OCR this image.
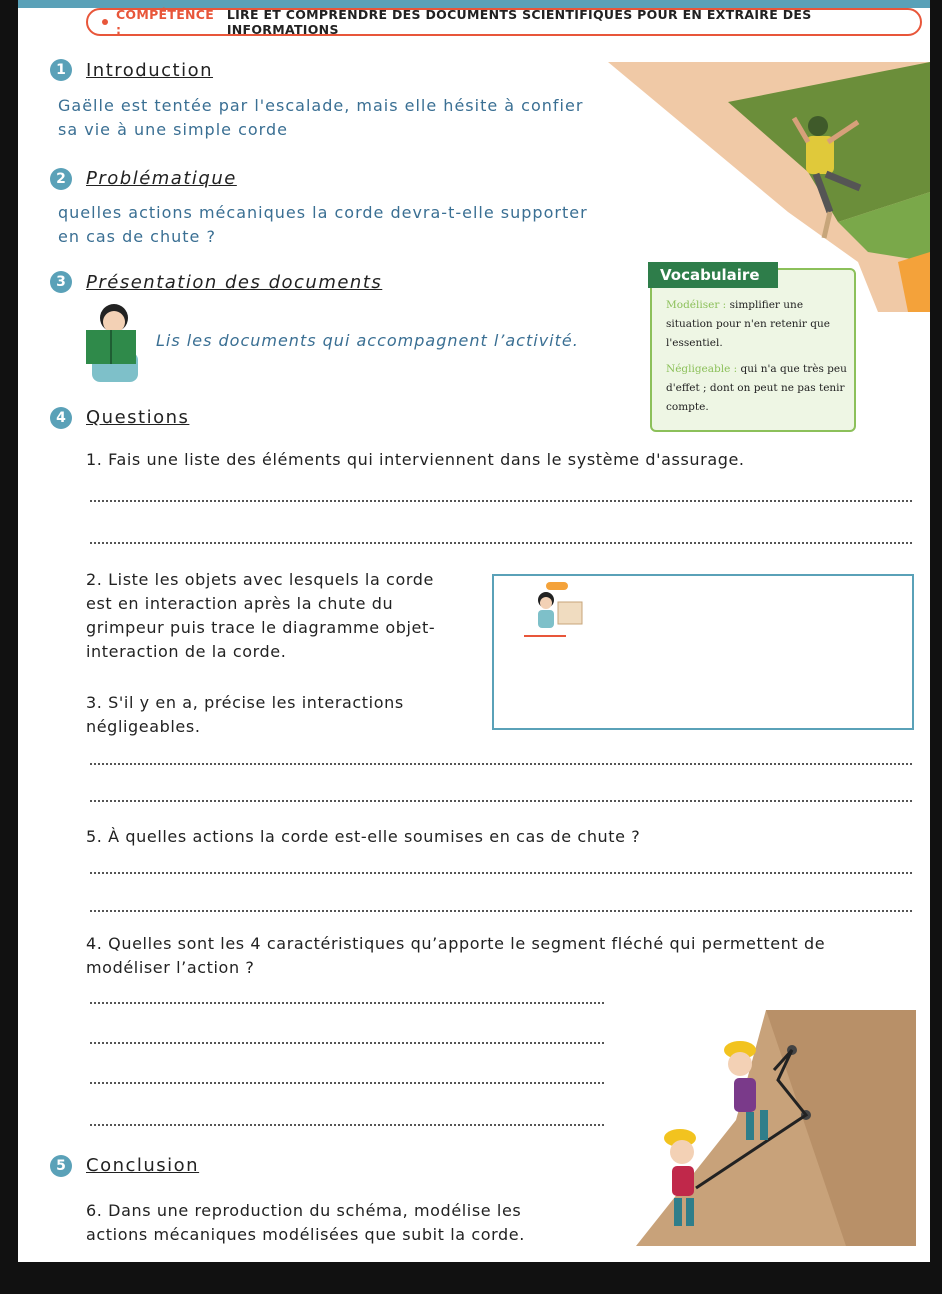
COMPÉTENCE :
LIRE ET COMPRENDRE DES DOCUMENTS SCIENTIFIQUES POUR EN EXTRAIRE DES INFORMATIONS
1	Introduction
Gaëlle est tentée par l'escalade, mais elle hésite à confier
sa vie à une simple corde
2	Problématique
quelles actions mécaniques la corde devra-t-elle supporter
en cas de chute ?
3	Présentation des documents
Lis les documents qui accompagnent l’activité.

Modéliser : simplifier une

situation pour n'en retenir que

l'essentiel.

Négligeable : qui n'a que très peu

d'effet ; dont on peut ne pas tenir

compte.

Vocabulaire
4	Questions
1. Fais une liste des éléments qui interviennent dans le système d'assurage.
2. Liste les objets avec lesquels la corde
est en interaction après la chute du
grimpeur puis trace le diagramme objet-
interaction de la corde.
3. S'il y en a, précise les interactions
négligeables.
5. À quelles actions la corde est-elle soumises en cas de chute ?
4. Quelles sont les 4 caractéristiques qu’apporte le segment fléché qui permettent de
modéliser l’action ?
5	Conclusion
6. Dans une reproduction du schéma, modélise les
actions mécaniques modélisées que subit la corde.
